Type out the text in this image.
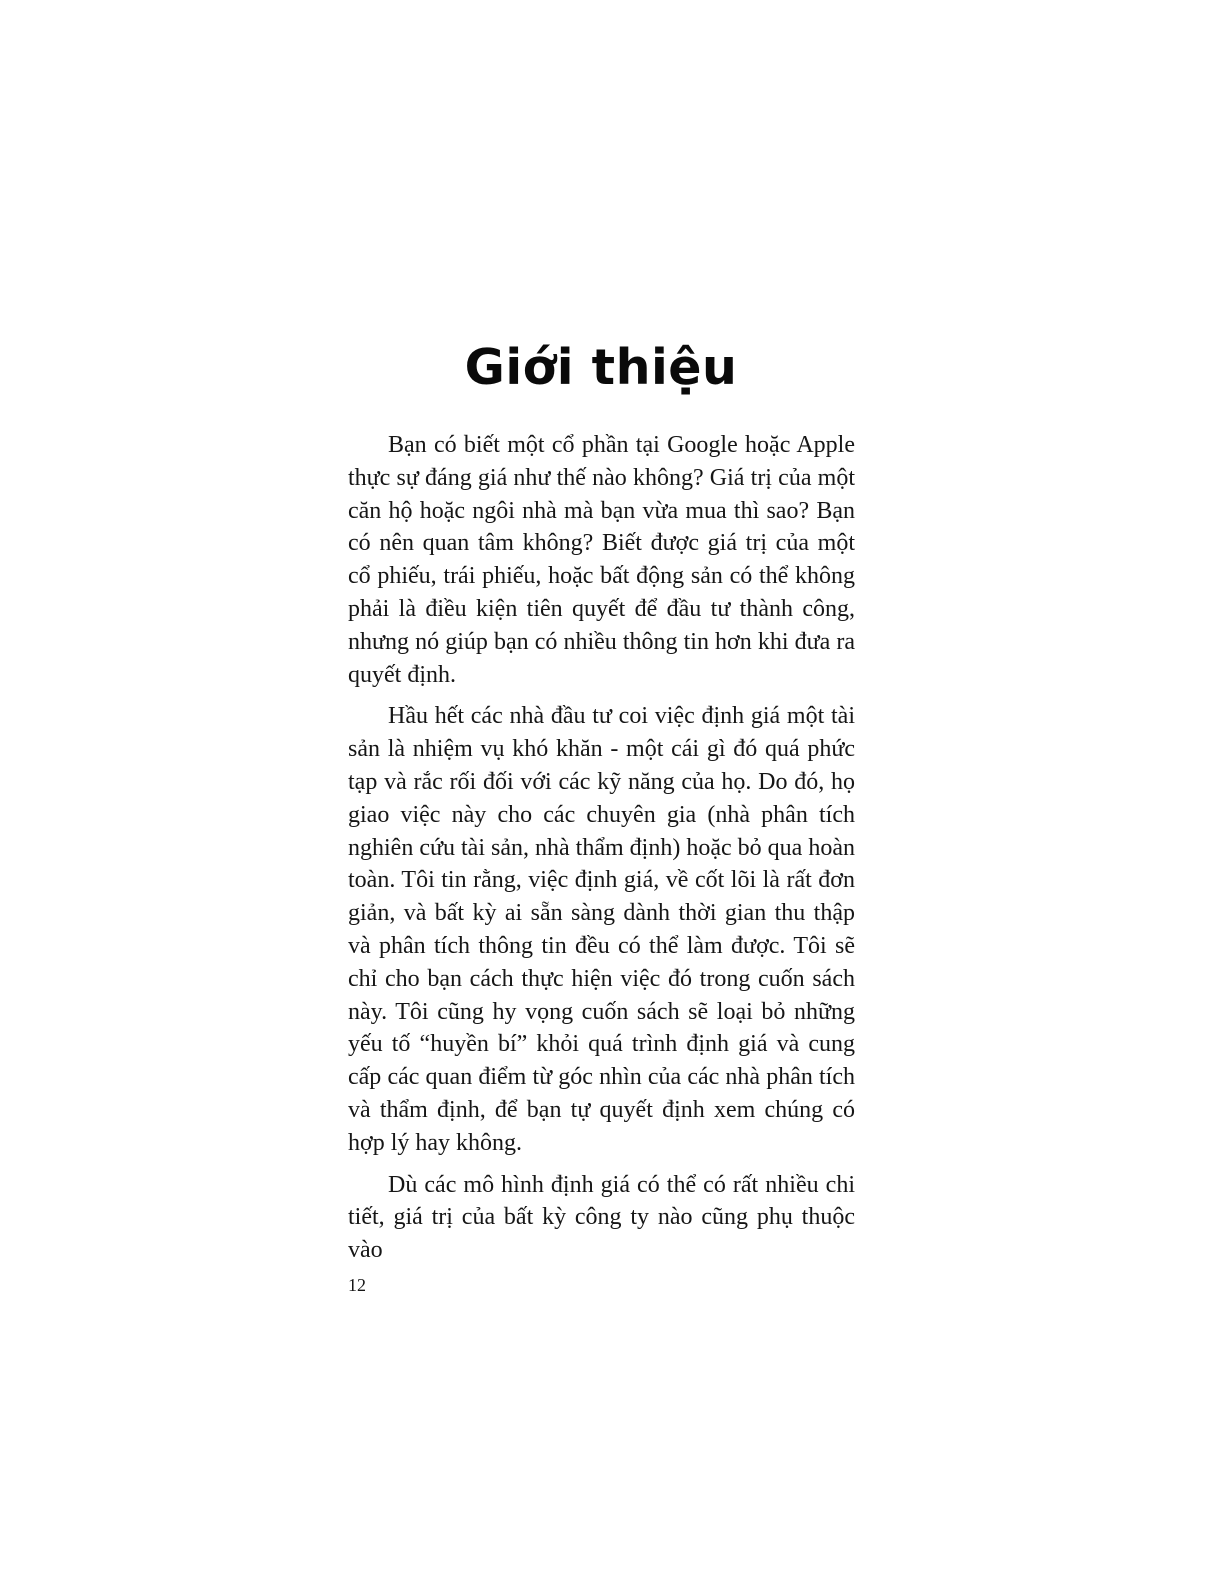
Giới thiệu

Bạn có biết một cổ phần tại Google hoặc Apple thực sự đáng giá như thế nào không? Giá trị của một căn hộ hoặc ngôi nhà mà bạn vừa mua thì sao? Bạn có nên quan tâm không? Biết được giá trị của một cổ phiếu, trái phiếu, hoặc bất động sản có thể không phải là điều kiện tiên quyết để đầu tư thành công, nhưng nó giúp bạn có nhiều thông tin hơn khi đưa ra quyết định.

Hầu hết các nhà đầu tư coi việc định giá một tài sản là nhiệm vụ khó khăn - một cái gì đó quá phức tạp và rắc rối đối với các kỹ năng của họ. Do đó, họ giao việc này cho các chuyên gia (nhà phân tích nghiên cứu tài sản, nhà thẩm định) hoặc bỏ qua hoàn toàn. Tôi tin rằng, việc định giá, về cốt lõi là rất đơn giản, và bất kỳ ai sẵn sàng dành thời gian thu thập và phân tích thông tin đều có thể làm được. Tôi sẽ chỉ cho bạn cách thực hiện việc đó trong cuốn sách này. Tôi cũng hy vọng cuốn sách sẽ loại bỏ những yếu tố “huyền bí” khỏi quá trình định giá và cung cấp các quan điểm từ góc nhìn của các nhà phân tích và thẩm định, để bạn tự quyết định xem chúng có hợp lý hay không.

Dù các mô hình định giá có thể có rất nhiều chi tiết, giá trị của bất kỳ công ty nào cũng phụ thuộc vào

12
